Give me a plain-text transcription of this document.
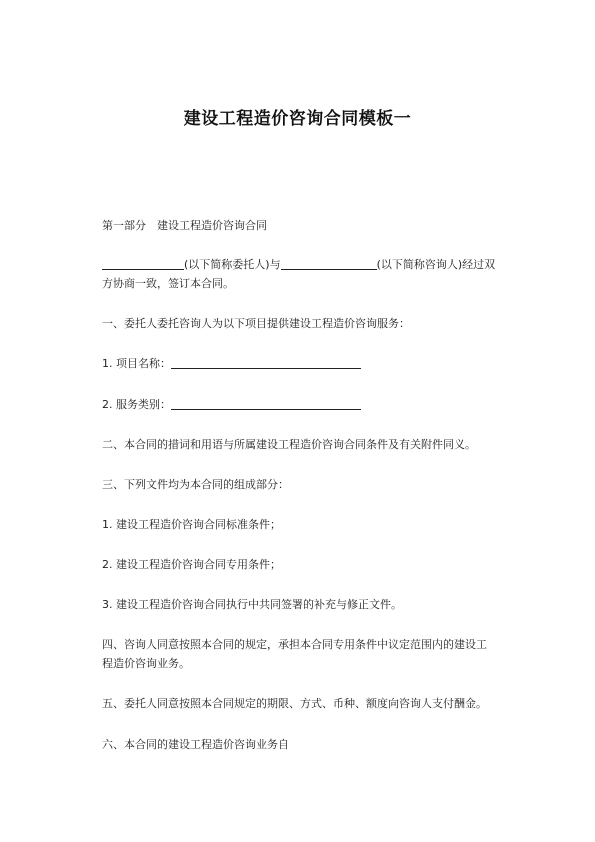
建设工程造价咨询合同模板一
第一部分　建设工程造价咨询合同
(以下简称委托人)与	(以下简称咨询人)经过双
方协商一致，签订本合同。
一、委托人委托咨询人为以下项目提供建设工程造价咨询服务：
1. 项目名称：
2. 服务类别：
二、本合同的措词和用语与所属建设工程造价咨询合同条件及有关附件同义。
三、下列文件均为本合同的组成部分：
1. 建设工程造价咨询合同标准条件；
2. 建设工程造价咨询合同专用条件；
3. 建设工程造价咨询合同执行中共同签署的补充与修正文件。
四、咨询人同意按照本合同的规定，承担本合同专用条件中议定范围内的建设工
程造价咨询业务。
五、委托人同意按照本合同规定的期限、方式、币种、额度向咨询人支付酬金。
六、本合同的建设工程造价咨询业务自
